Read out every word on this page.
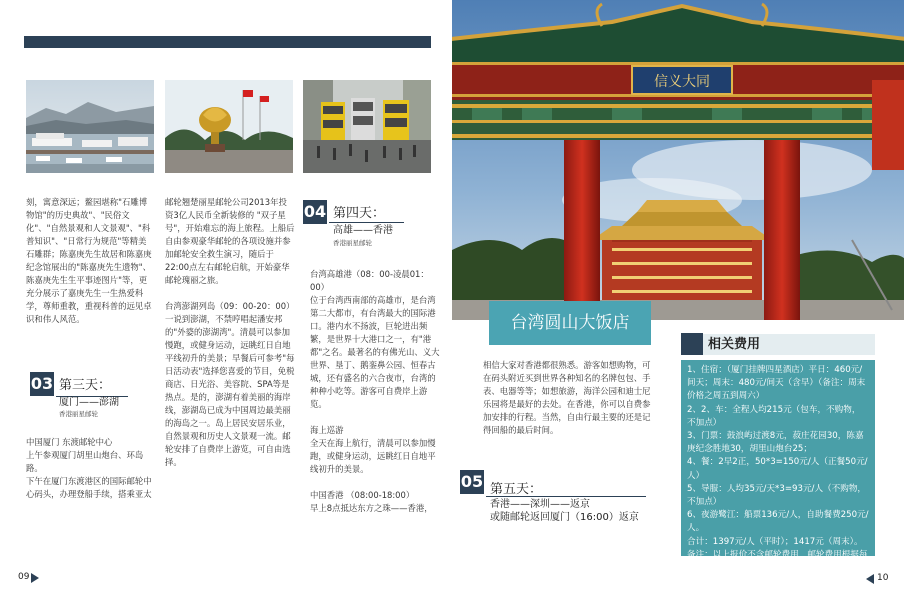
刻，寓意深远；鳌园堪称"石雕博物馆"的历史典故"、"民俗文化"、"自然景观和人文景观"、"科普知识"、"日常行为规范"等精美石雕群；陈嘉庚先生故居和陈嘉庚纪念馆展出的"陈嘉庚先生遗物"、陈嘉庚先生生平事迹图片"等，更充分展示了嘉庚先生一生热爱科学，尊师重教，重视科普的远见卓识和伟人风范。
03 第三天：
厦门——澎湖
香港丽星邮轮
中国厦门 东渡邮轮中心
上午参观厦门胡里山炮台、环岛路。
下午在厦门东渡港区的国际邮轮中心码头，办理登船手续，搭乘亚太
邮轮翘楚丽星邮轮公司2013年投资3亿人民币全新装修的 "双子星号"，开始难忘的海上旅程。上船后自由参观豪华邮轮的各项设施并参加邮轮安全救生演习，随后于22:00点左右邮轮启航，开始豪华邮轮瑰丽之旅。

台湾澎湖列岛（09：00-20：00）
一说到澎湖，不禁哼唱起潘安邦的"外婆的澎湖湾"。清晨可以参加慢跑，或健身运动，远眺红日自地平线初升的美景；早餐后可参考"每日活动表"选择您喜爱的节目，免税商店、日光浴、美容院、SPA等是热点。是的，澎湖有着美丽的海岸线，澎湖岛已成为中国周边最美丽的海岛之一。岛上居民安居乐业，自然景观和历史人文景观一流。邮轮安排了自费岸上游览，可自由选择。
04 第四天：
高雄——香港
香港丽星邮轮
台湾高雄港（08：00-凌晨01：00）
位于台湾西南部的高雄市，是台湾第二大都市，有台湾最大的国际港口。港内水不扬波，巨轮进出频繁，是世界十大港口之一，有"港都"之名。最著名的有佛光山、义大世界、垦丁、鹅銮鼻公园、恒春古城，还有盛名的六合夜市，台湾的种种小吃等。游客可自费岸上游览。

海上巡游
全天在海上航行，清晨可以参加慢跑，或健身运动，远眺红日自地平线初升的美景。

中国香港 （08:00-18:00）
早上8点抵达东方之珠——香港，
09
信义大同
台湾圆山大饭店
相信大家对香港都很熟悉。游客如想购物，可在码头附近买到世界各种知名的名牌包包、手表、电器等等；如想旅游，海洋公园和迪士尼乐园将是最好的去处。在香港，你可以自费参加安排的行程。当然，自由行最主要的还是记得回船的最后时间。
05 第五天：
香港——深圳——返京
或随邮轮返回厦门（16:00）返京
相关费用
1、住宿：（厦门挂牌四星酒店）平日：460元/间天；周末：480元/间天（含早）（备注：周末价格之周五到周六）
2、2、车：全程人均215元（包车，不购物，不加点）
3、门票：鼓浪屿过渡8元，菽庄花园30，陈嘉庚纪念胜地30，胡里山炮台25；
4、餐：2早2正，50*3=150元/人（正餐50元/人）
5、导服：人均35元/天*3=93元/人（不购物，不加点）
6、夜游鹭江：船票136元/人，自助餐费250元/人。
合计：1397元/人（平时）；1417元（周末）。
备注：以上报价不含邮轮费用，邮轮费用根据每次航次浮动；不含机票。
10
